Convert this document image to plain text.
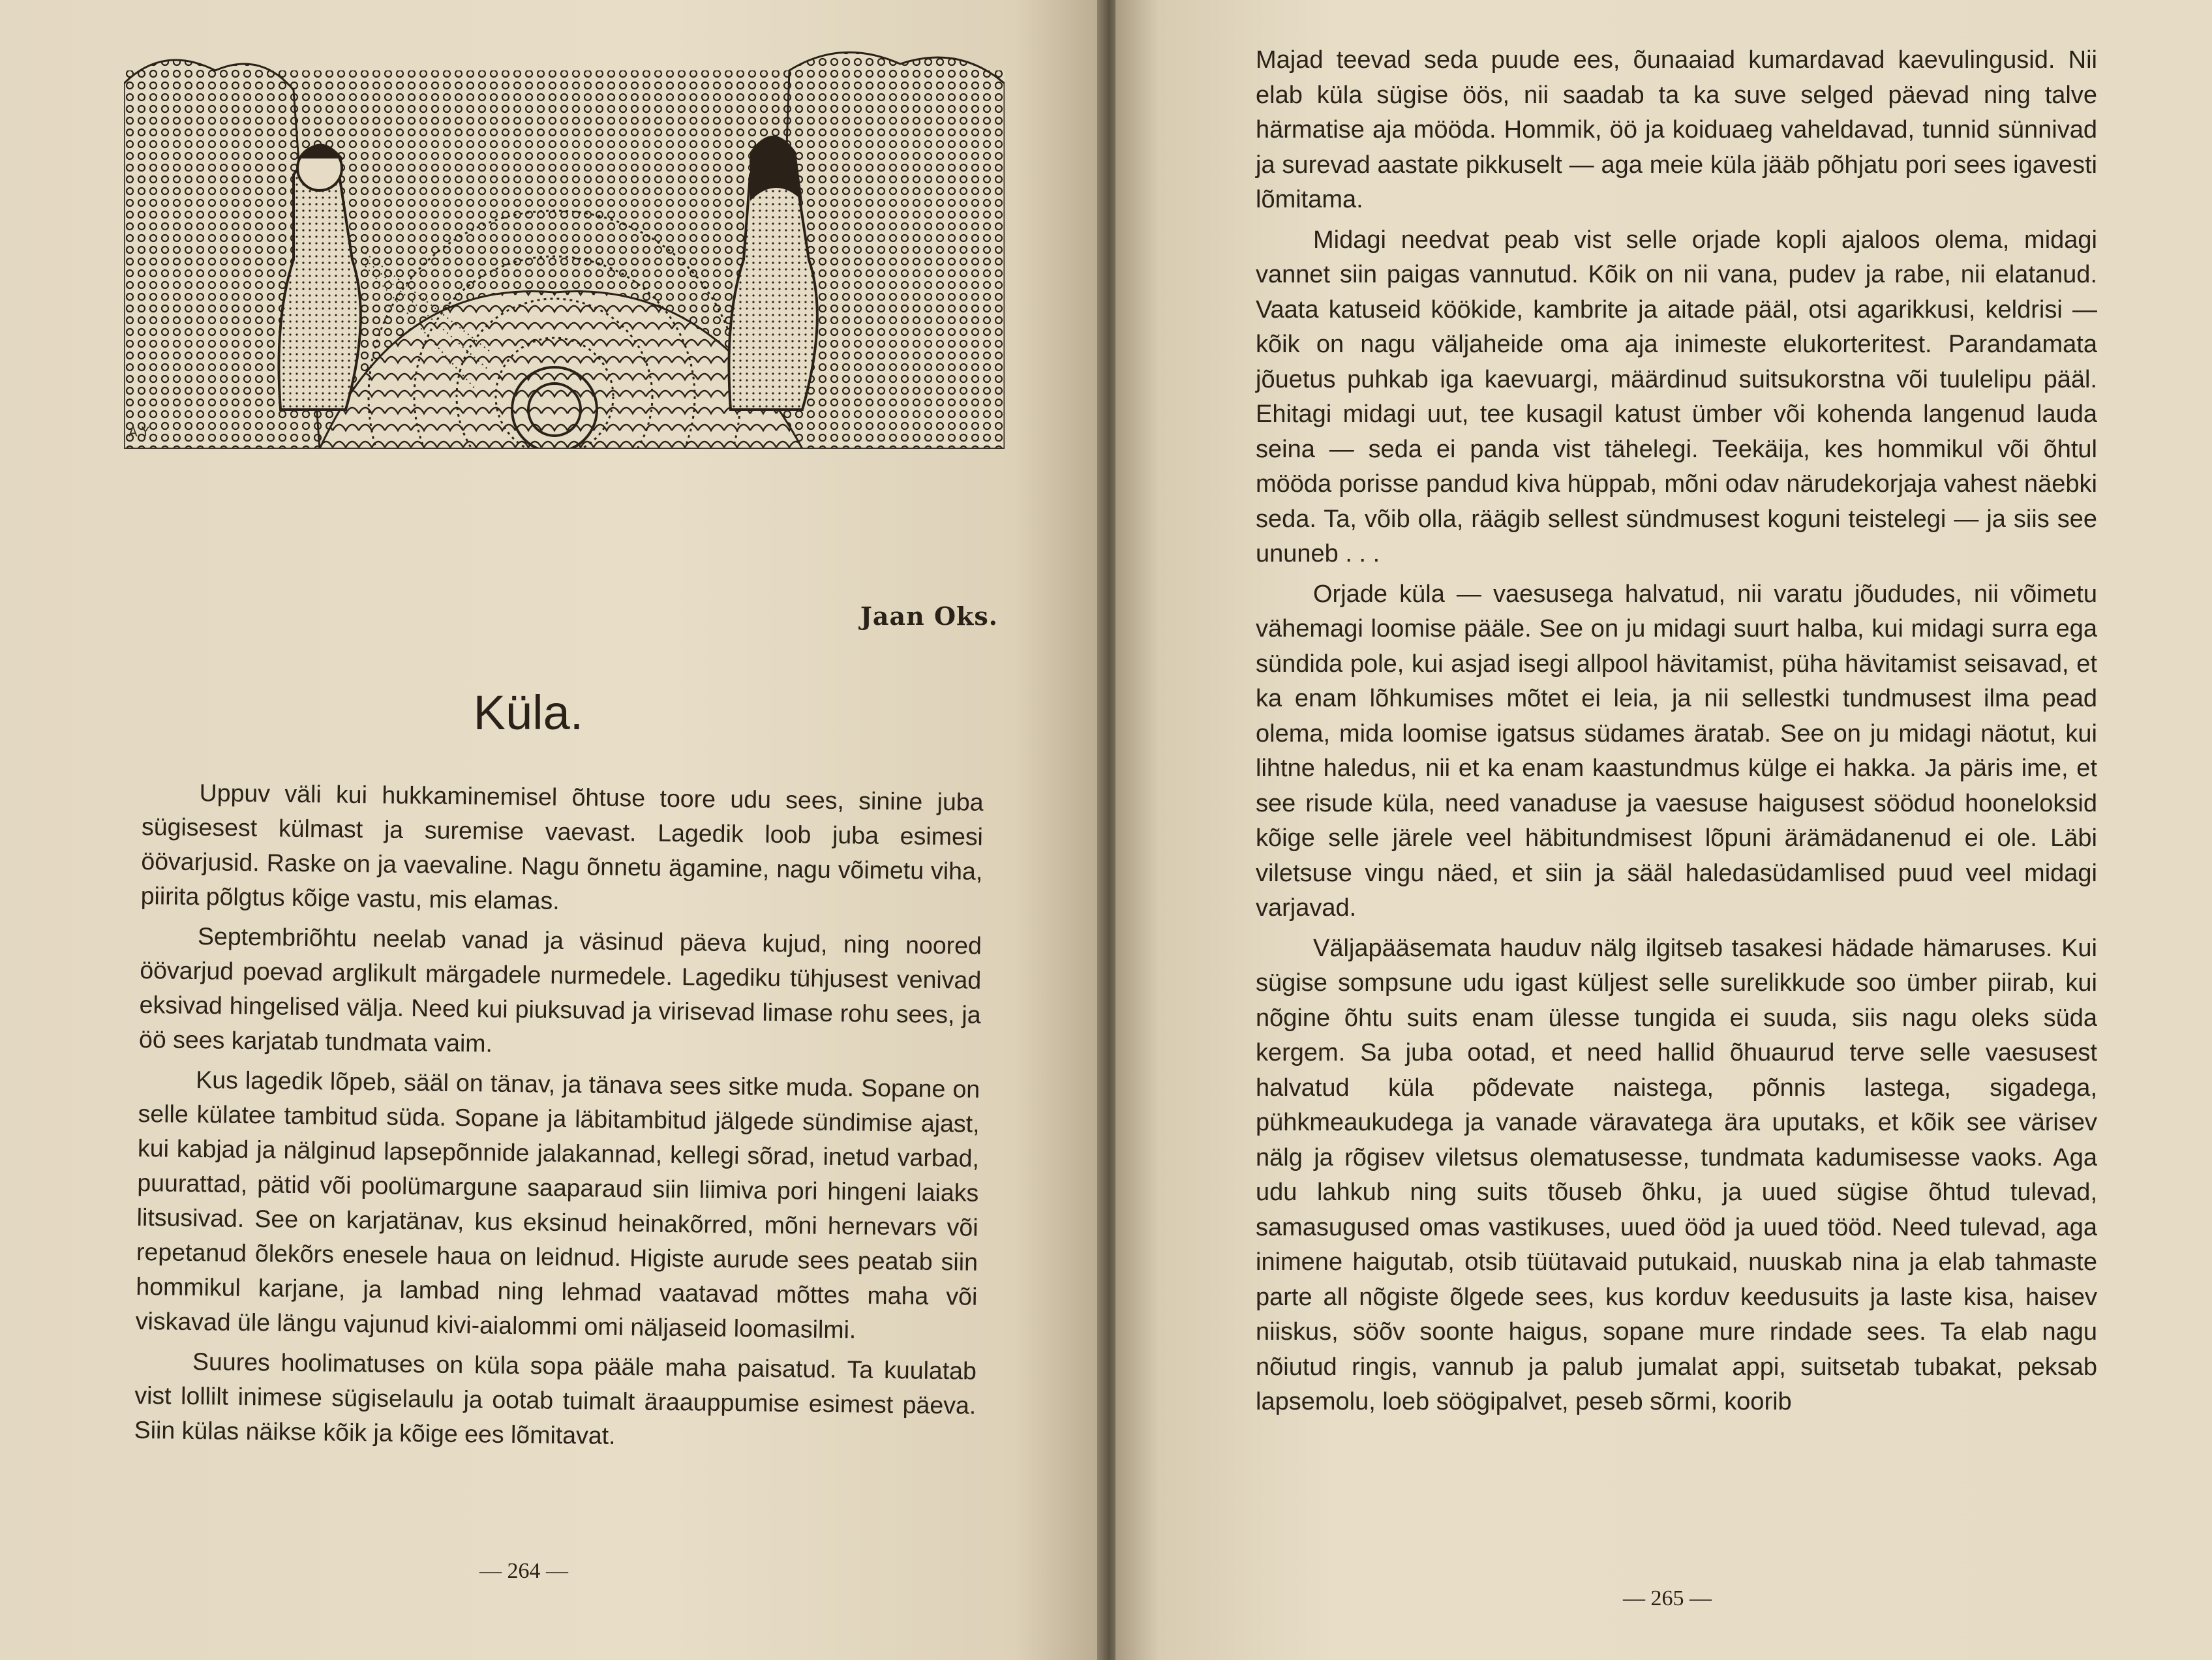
A.Y
Jaan Oks.
Küla.

Uppuv väli kui hukkaminemisel õhtuse toore udu sees, sinine juba sügisesest külmast ja suremise vaevast. Lagedik loob juba esimesi öövarjusid. Raske on ja vaevaline. Nagu õnnetu ägamine, nagu võimetu viha, piirita põlgtus kõige vastu, mis elamas.

Septembriõhtu neelab vanad ja väsinud päeva kujud, ning noored öövarjud poevad arglikult märgadele nurmedele. Lagediku tühjusest venivad eksivad hingelised välja. Need kui piuksuvad ja virisevad limase rohu sees, ja öö sees karjatab tundmata vaim.

Kus lagedik lõpeb, sääl on tänav, ja tänava sees sitke muda. Sopane on selle külatee tambitud süda. Sopane ja läbitambitud jälgede sündimise ajast, kui kabjad ja nälginud lapsepõnnide jalakannad, kellegi sõrad, inetud varbad, puurattad, pätid või poolümargune saaparaud siin liimiva pori hingeni laiaks litsusivad. See on karjatänav, kus eksinud heinakõrred, mõni hernevars või repetanud õlekõrs enesele haua on leidnud. Higiste aurude sees peatab siin hommikul karjane, ja lambad ning lehmad vaatavad mõttes maha või viskavad üle längu vajunud kivi-aialommi omi näljaseid loomasilmi.

Suures hoolimatuses on küla sopa pääle maha paisatud. Ta kuulatab vist lollilt inimese sügiselaulu ja ootab tuimalt äraauppumise esimest päeva. Siin külas näikse kõik ja kõige ees lõmitavat.

— 264 —

Majad teevad seda puude ees, õunaaiad kumardavad kaevulingusid. Nii elab küla sügise öös, nii saadab ta ka suve selged päevad ning talve härmatise aja mööda. Hommik, öö ja koiduaeg vaheldavad, tunnid sünnivad ja surevad aastate pikkuselt — aga meie küla jääb põhjatu pori sees igavesti lõmitama.

Midagi needvat peab vist selle orjade kopli ajaloos olema, midagi vannet siin paigas vannutud. Kõik on nii vana, pudev ja rabe, nii elatanud. Vaata katuseid köökide, kambrite ja aitade pääl, otsi agarikkusi, keldrisi — kõik on nagu väljaheide oma aja inimeste elukorteritest. Parandamata jõuetus puhkab iga kaevuargi, määrdinud suitsukorstna või tuulelipu pääl. Ehitagi midagi uut, tee kusagil katust ümber või kohenda langenud lauda seina — seda ei panda vist tähelegi. Teekäija, kes hommikul või õhtul mööda porisse pandud kiva hüppab, mõni odav närudekorjaja vahest näebki seda. Ta, võib olla, räägib sellest sündmusest koguni teistelegi — ja siis see ununeb . . .

Orjade küla — vaesusega halvatud, nii varatu jõududes, nii võimetu vähemagi loomise pääle. See on ju midagi suurt halba, kui midagi surra ega sündida pole, kui asjad isegi allpool hävitamist, püha hävitamist seisavad, et ka enam lõhkumises mõtet ei leia, ja nii sellestki tundmusest ilma pead olema, mida loomise igatsus südames äratab. See on ju midagi näotut, kui lihtne haledus, nii et ka enam kaastundmus külge ei hakka. Ja päris ime, et see risude küla, need vanaduse ja vaesuse haigusest söödud hooneloksid kõige selle järele veel häbitundmisest lõpuni ärämädanenud ei ole. Läbi viletsuse vingu näed, et siin ja sääl haledasüdamlised puud veel midagi varjavad.

Väljapääsemata hauduv nälg ilgitseb tasakesi hädade hämaruses. Kui sügise sompsune udu igast küljest selle surelikkude soo ümber piirab, kui nõgine õhtu suits enam ülesse tungida ei suuda, siis nagu oleks süda kergem. Sa juba ootad, et need hallid õhuaurud terve selle vaesusest halvatud küla põdevate naistega, põnnis lastega, sigadega, pühkmeaukudega ja vanade väravatega ära uputaks, et kõik see värisev nälg ja rõgisev viletsus olematusesse, tundmata kadumisesse vaoks. Aga udu lahkub ning suits tõuseb õhku, ja uued sügise õhtud tulevad, samasugused omas vastikuses, uued ööd ja uued tööd. Need tulevad, aga inimene haigutab, otsib tüütavaid putukaid, nuuskab nina ja elab tahmaste parte all nõgiste õlgede sees, kus korduv keedusuits ja laste kisa, haisev niiskus, söõv soonte haigus, sopane mure rindade sees. Ta elab nagu nõiutud ringis, vannub ja palub jumalat appi, suitsetab tubakat, peksab lapsemolu, loeb söögipalvet, peseb sõrmi, koorib

— 265 —
